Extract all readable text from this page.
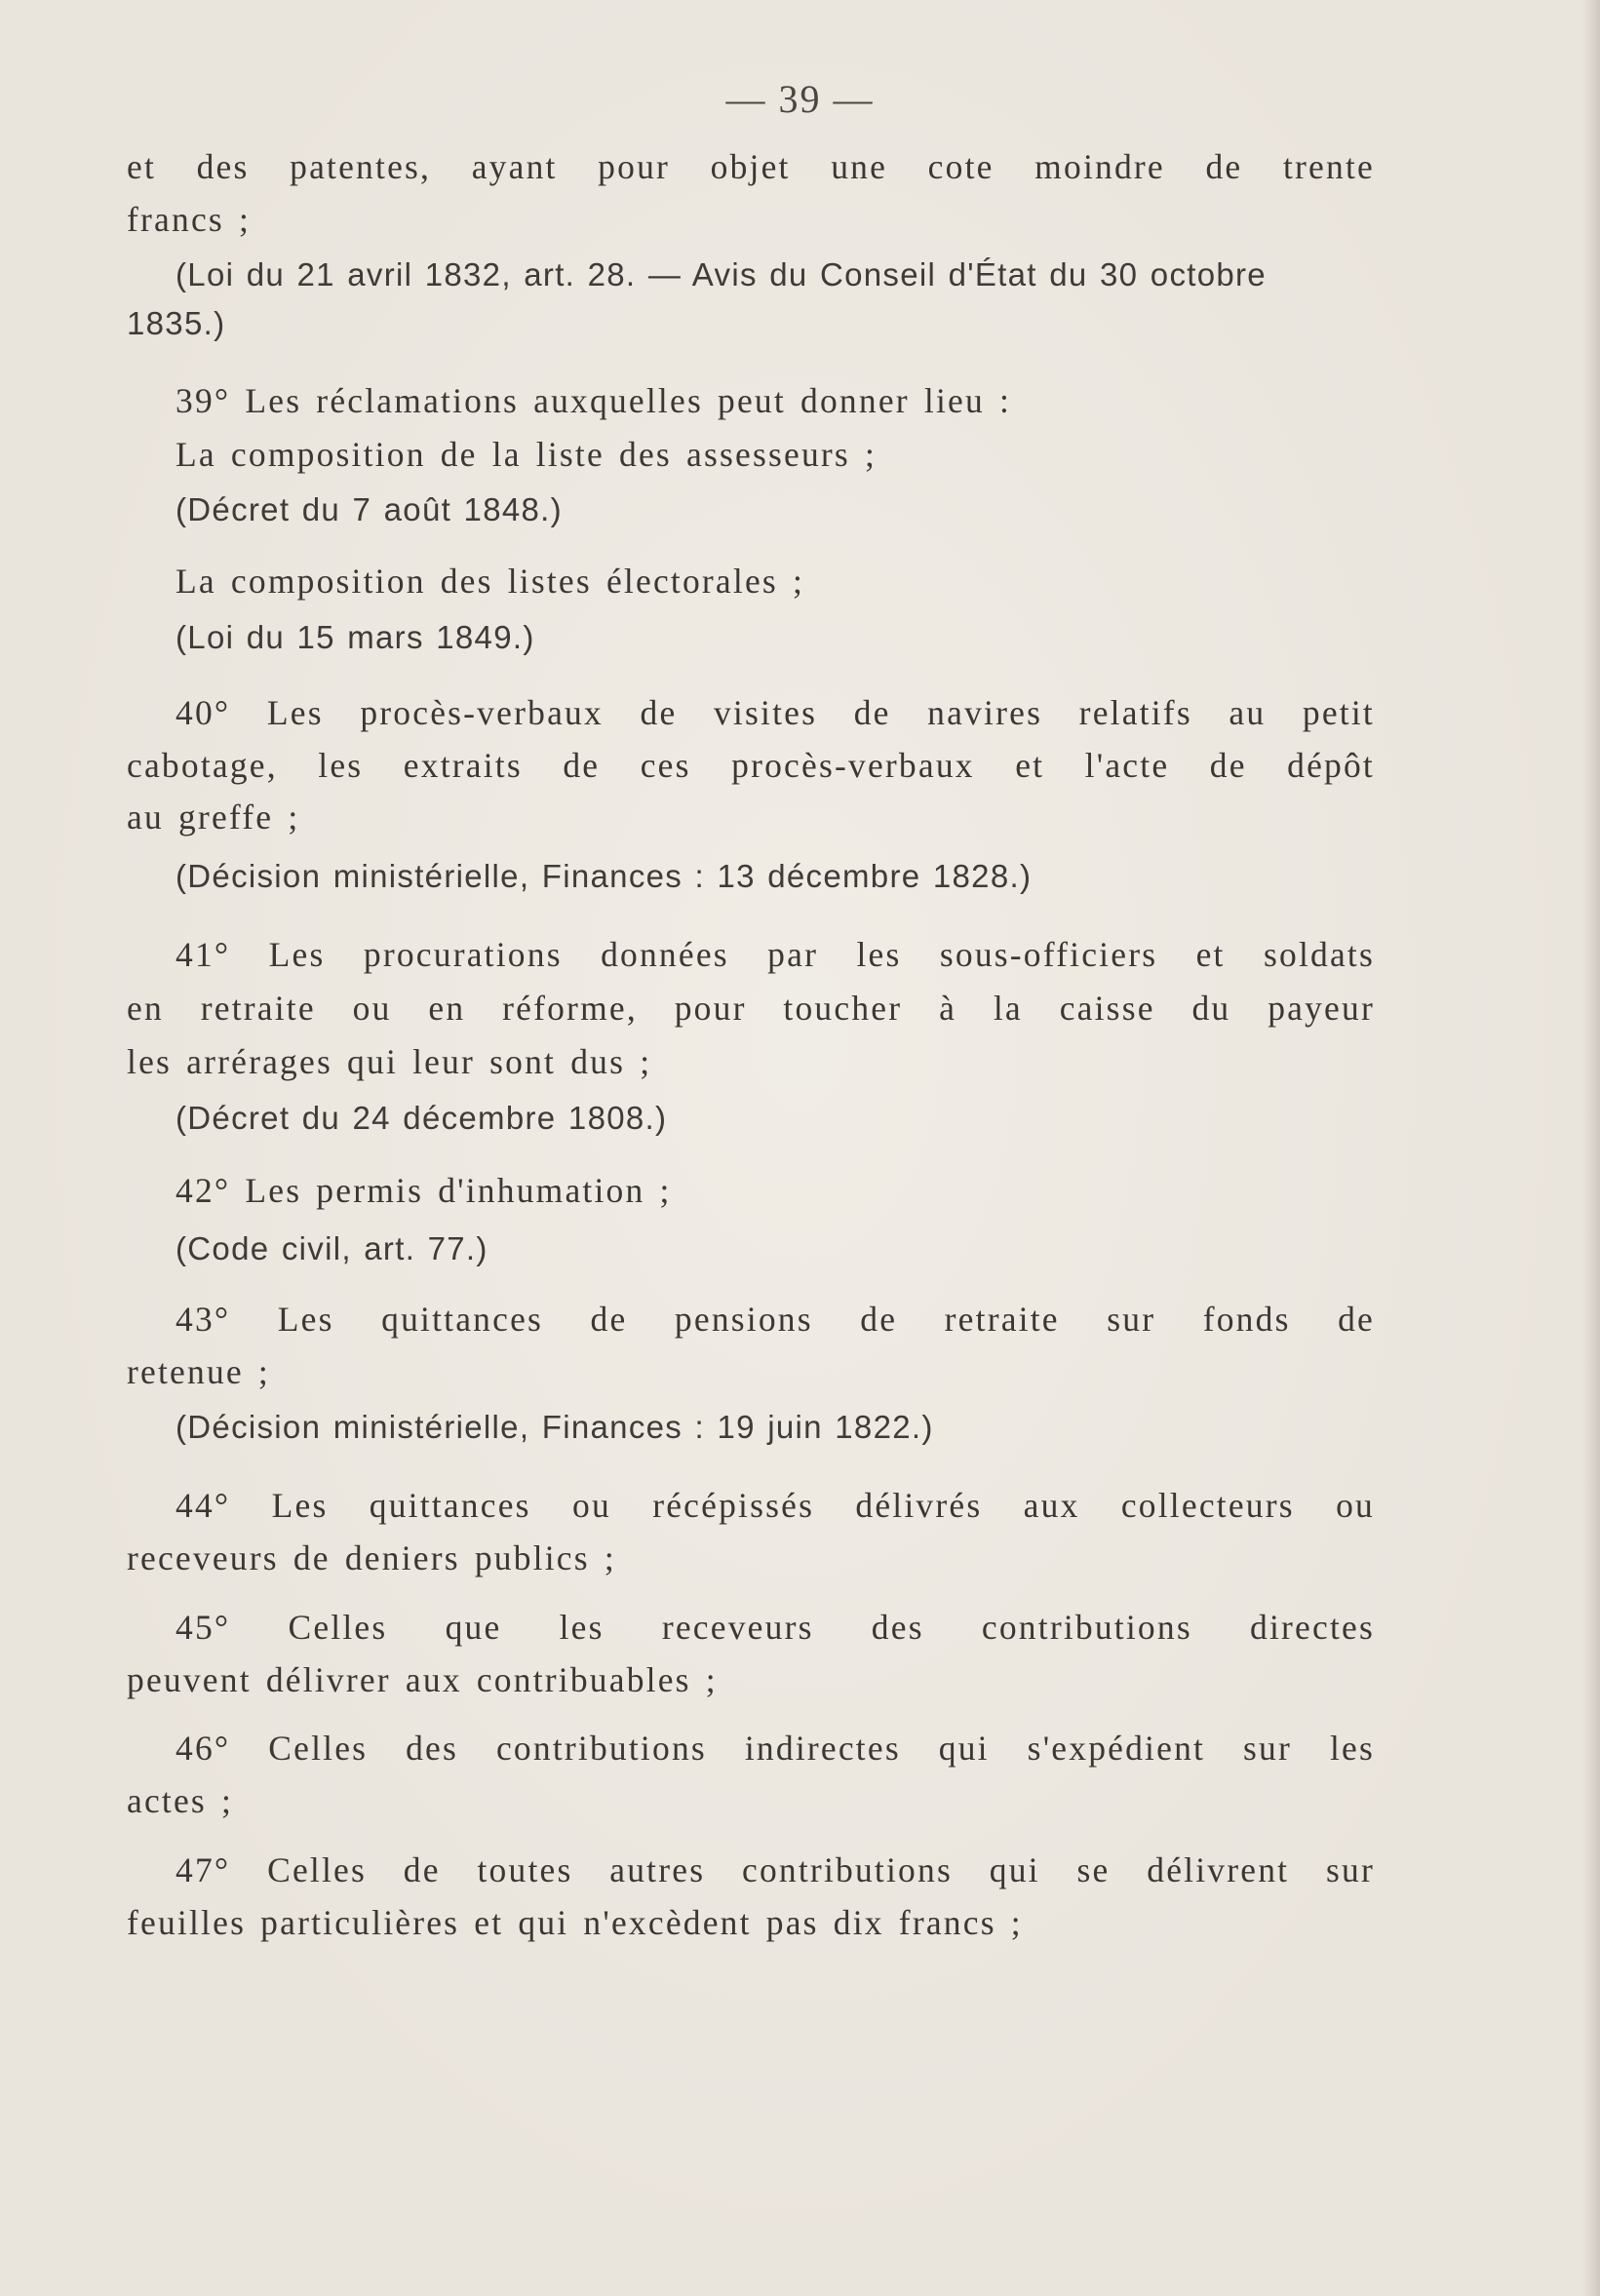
— 39 —
et des patentes, ayant pour objet une cote moindre de trente
francs ;
(Loi du 21 avril 1832, art. 28. — Avis du Conseil d'État du 30 octobre
1835.)
39° Les réclamations auxquelles peut donner lieu :
La composition de la liste des assesseurs ;
(Décret du 7 août 1848.)
La composition des listes électorales ;
(Loi du 15 mars 1849.)
40° Les procès-verbaux de visites de navires relatifs au petit
cabotage, les extraits de ces procès-verbaux et l'acte de dépôt
au greffe ;
(Décision ministérielle, Finances : 13 décembre 1828.)
41° Les procurations données par les sous-officiers et soldats
en retraite ou en réforme, pour toucher à la caisse du payeur
les arrérages qui leur sont dus ;
(Décret du 24 décembre 1808.)
42° Les permis d'inhumation ;
(Code civil, art. 77.)
43° Les quittances de pensions de retraite sur fonds de
retenue ;
(Décision ministérielle, Finances : 19 juin 1822.)
44° Les quittances ou récépissés délivrés aux collecteurs ou
receveurs de deniers publics ;
45° Celles que les receveurs des contributions directes
peuvent délivrer aux contribuables ;
46° Celles des contributions indirectes qui s'expédient sur les
actes ;
47° Celles de toutes autres contributions qui se délivrent sur
feuilles particulières et qui n'excèdent pas dix francs ;
